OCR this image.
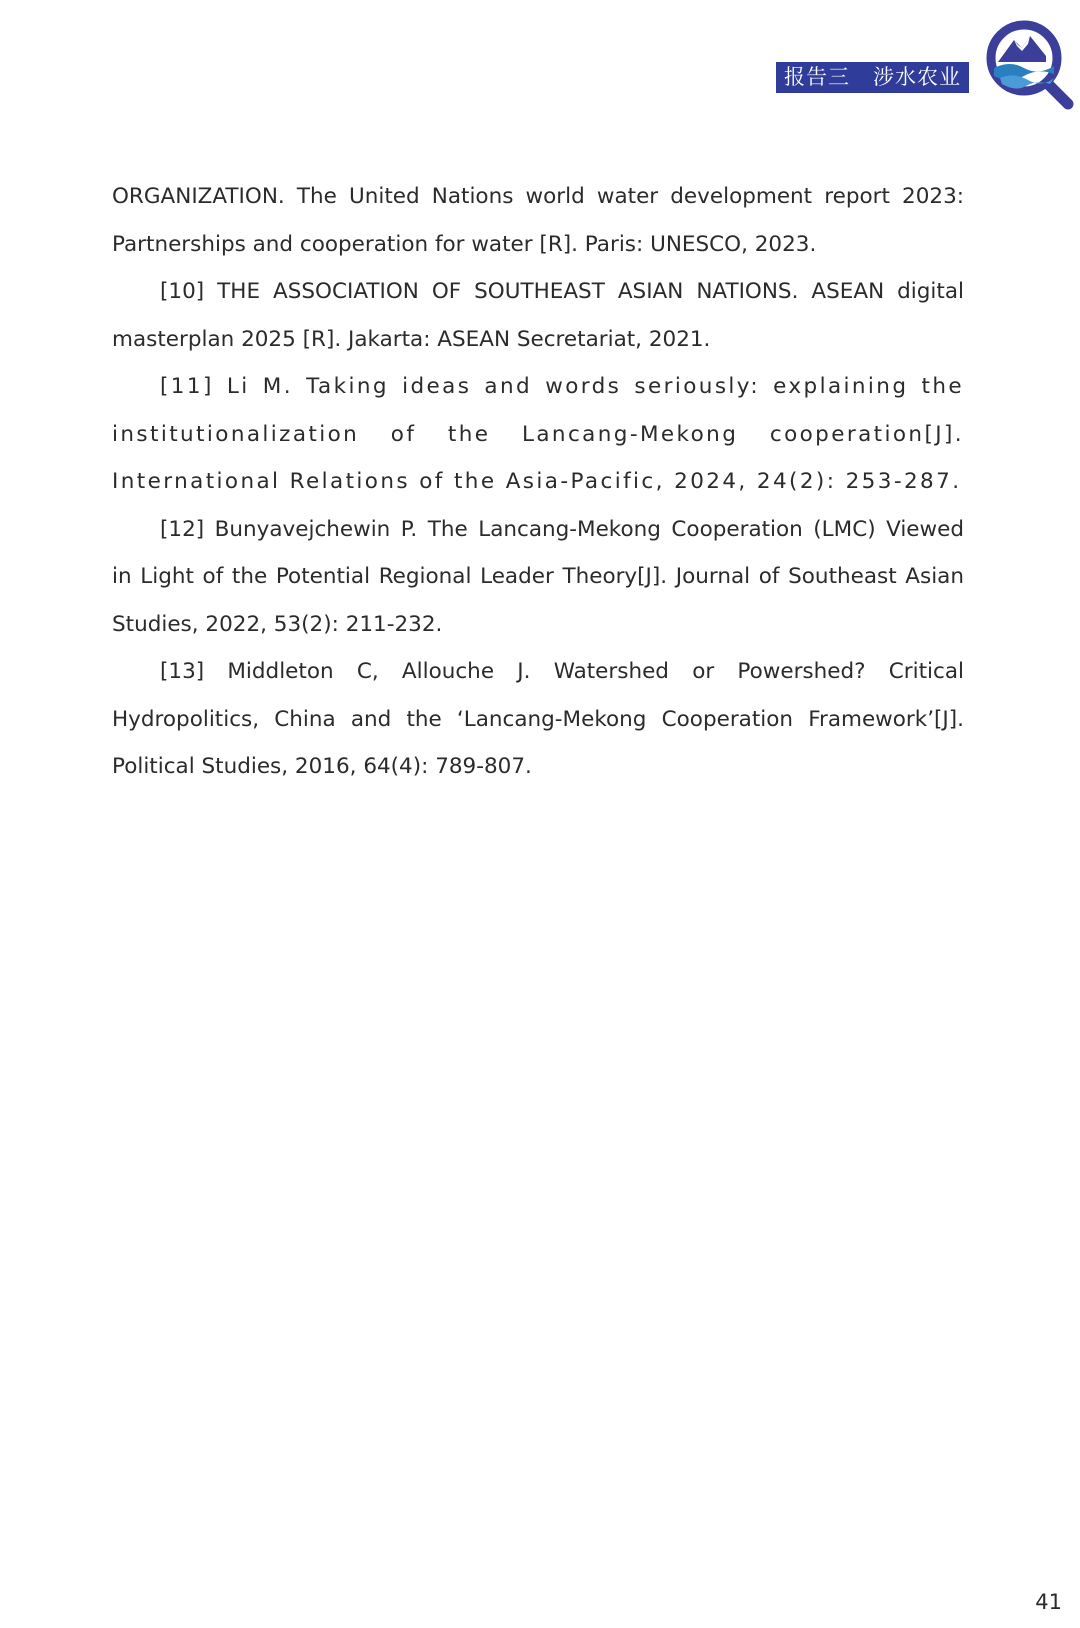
报告三   涉水农业

ORGANIZATION. The United Nations world water development report 2023: Partnerships and cooperation for water [R]. Paris: UNESCO, 2023.

[10] THE ASSOCIATION OF SOUTHEAST ASIAN NATIONS. ASEAN digital masterplan 2025 [R]. Jakarta: ASEAN Secretariat, 2021.

[11] Li M. Taking ideas and words seriously: explaining the institutionalization of the Lancang-Mekong cooperation[J]. International Relations of the Asia-Pacific, 2024, 24(2): 253-287.

[12] Bunyavejchewin P. The Lancang-Mekong Cooperation (LMC) Viewed in Light of the Potential Regional Leader Theory[J]. Journal of Southeast Asian Studies, 2022, 53(2): 211-232.

[13] Middleton C, Allouche J. Watershed or Powershed? Critical Hydropolitics, China and the ‘Lancang-Mekong Cooperation Framework’[J]. Political Studies, 2016, 64(4): 789-807.

41
